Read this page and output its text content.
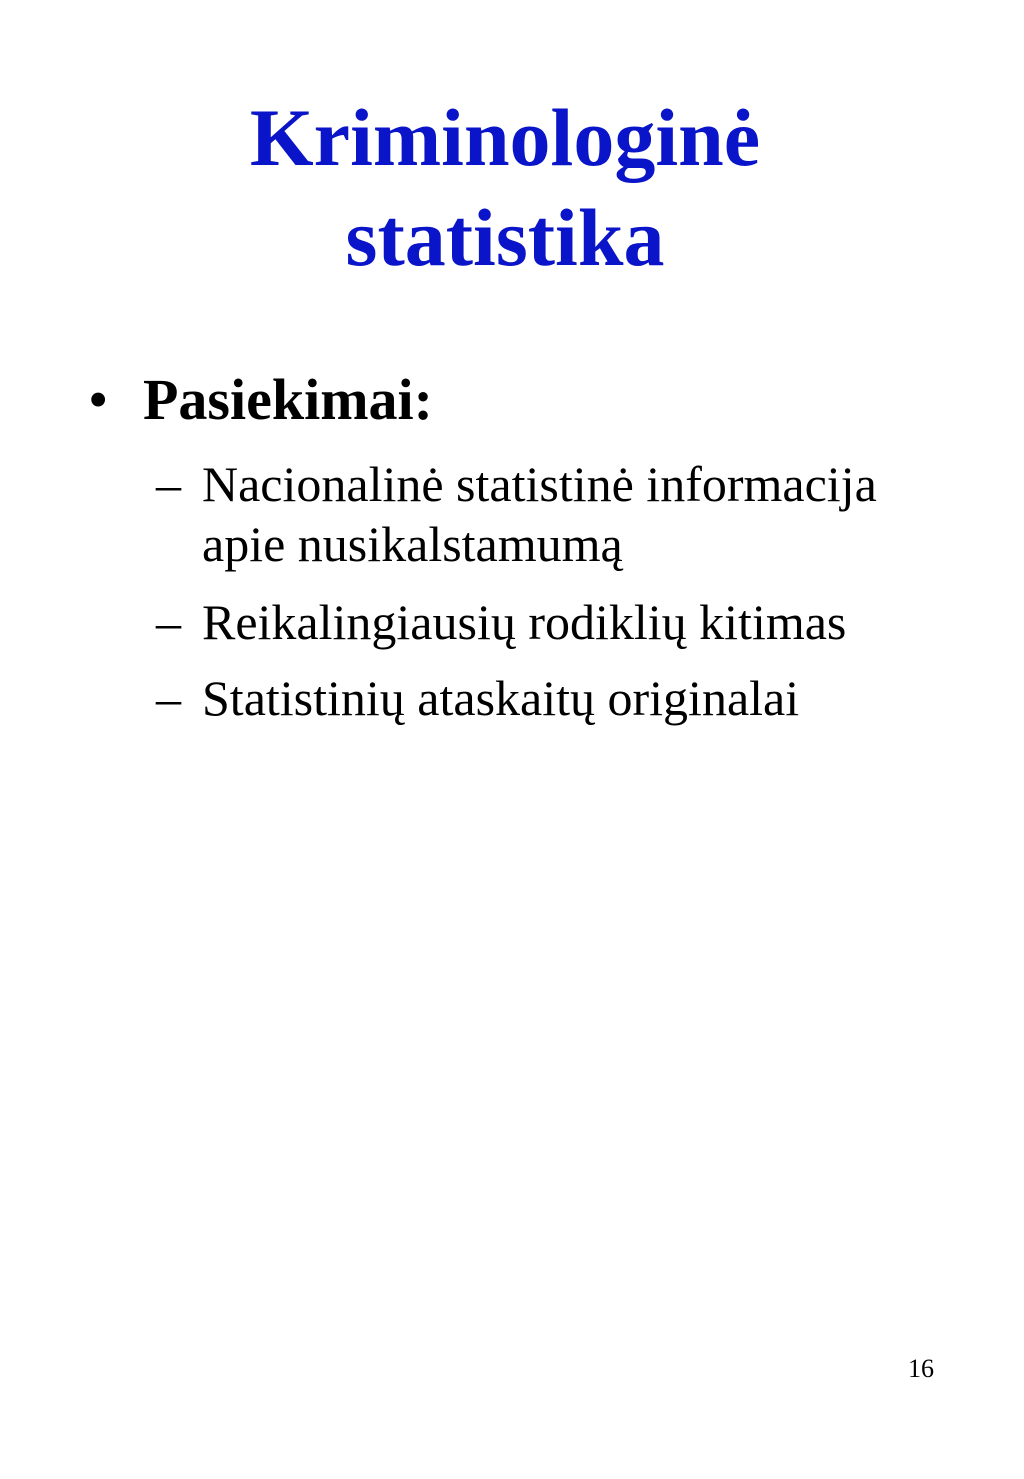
Kriminologinė
statistika
• Pasiekimai:
– Nacionalinė statistinė informacija
apie nusikalstamumą
– Reikalingiausių rodiklių kitimas
– Statistinių ataskaitų originalai
16
